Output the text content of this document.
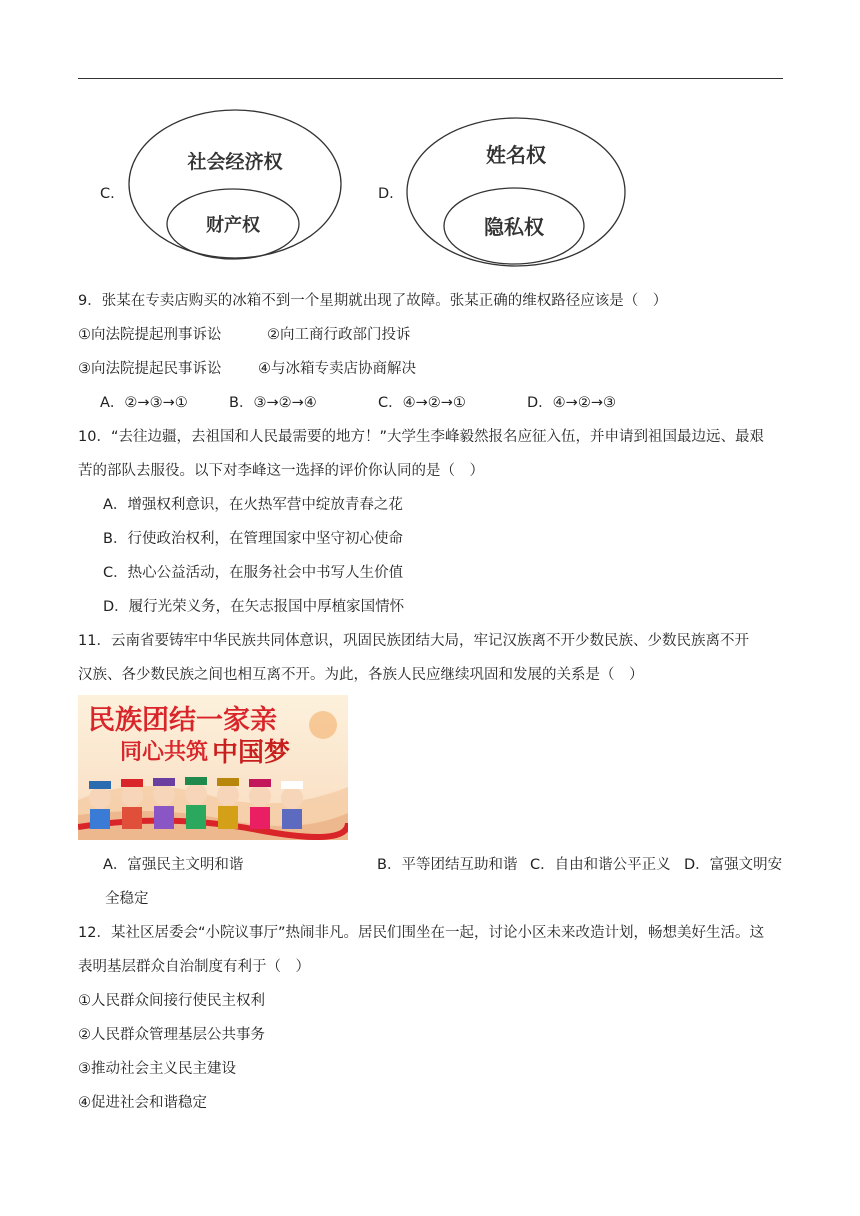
C.
社会经济权
财产权
D.
姓名权
隐私权
9．张某在专卖店购买的冰箱不到一个星期就出现了故障。张某正确的维权路径应该是（　）
①向法院提起刑事诉讼	②向工商行政部门投诉
③向法院提起民事诉讼	④与冰箱专卖店协商解决
A．②→③→①	B．③→②→④	C．④→②→①	D．④→②→③
10．“去往边疆，去祖国和人民最需要的地方！”大学生李峰毅然报名应征入伍，并申请到祖国最边远、最艰
苦的部队去服役。以下对李峰这一选择的评价你认同的是（　）
A．增强权利意识，在火热军营中绽放青春之花
B．行使政治权利，在管理国家中坚守初心使命
C．热心公益活动，在服务社会中书写人生价值
D．履行光荣义务，在矢志报国中厚植家国情怀
11．云南省要铸牢中华民族共同体意识，巩固民族团结大局，牢记汉族离不开少数民族、少数民族离不开
汉族、各少数民族之间也相互离不开。为此，各族人民应继续巩固和发展的关系是（　）
民族团结一家亲
同心共筑 中国梦
A．富强民主文明和谐	B．平等团结互助和谐 C．自由和谐公平正义 D．富强文明安
全稳定
12．某社区居委会“小院议事厅”热闹非凡。居民们围坐在一起，讨论小区未来改造计划，畅想美好生活。这
表明基层群众自治制度有利于（　）
①人民群众间接行使民主权利
②人民群众管理基层公共事务
③推动社会主义民主建设
④促进社会和谐稳定
